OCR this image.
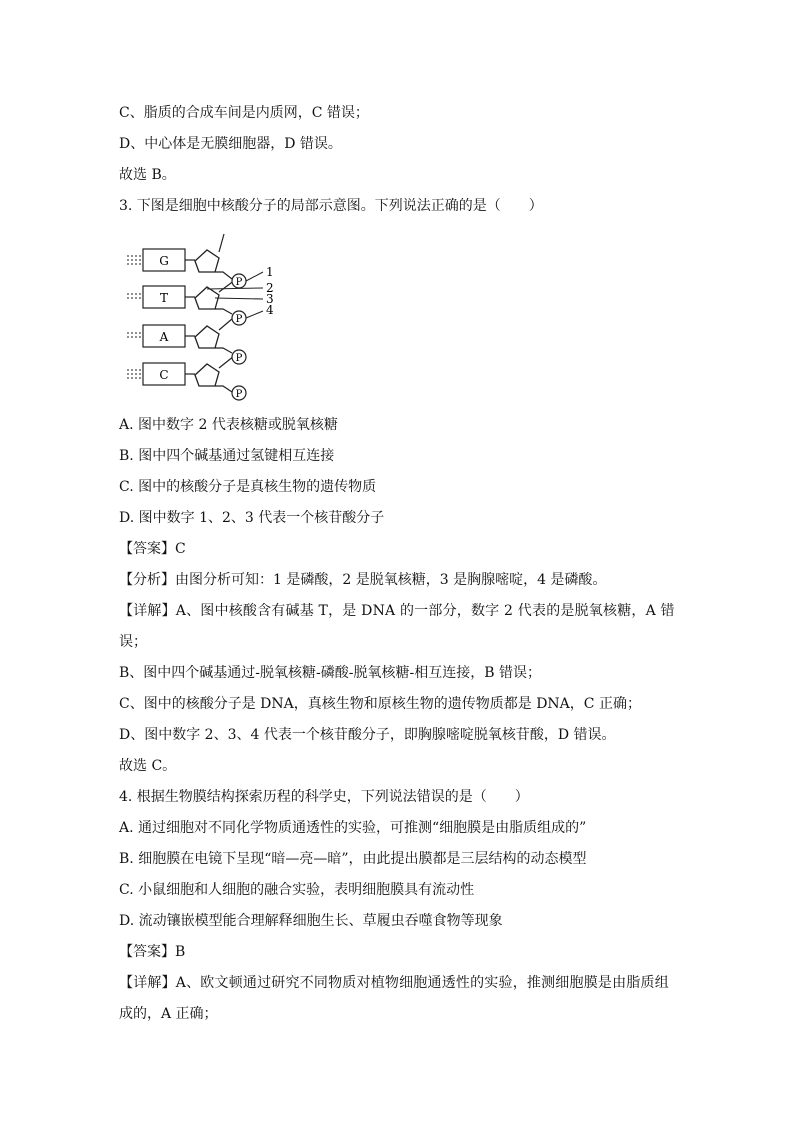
C、脂质的合成车间是内质网，C 错误；
D、中心体是无膜细胞器，D 错误。
故选 B。
3. 下图是细胞中核酸分子的局部示意图。下列说法正确的是（　　）
G
T
A
C
P
P
P
P
1
2
3
4
A. 图中数字 2 代表核糖或脱氧核糖
B. 图中四个碱基通过氢键相互连接
C. 图中的核酸分子是真核生物的遗传物质
D. 图中数字 1、2、3 代表一个核苷酸分子
【答案】C
【分析】由图分析可知：1 是磷酸，2 是脱氧核糖，3 是胸腺嘧啶，4 是磷酸。
【详解】A、图中核酸含有碱基 T，是 DNA 的一部分，数字 2 代表的是脱氧核糖，A 错
误；
B、图中四个碱基通过-脱氧核糖-磷酸-脱氧核糖-相互连接，B 错误；
C、图中的核酸分子是 DNA，真核生物和原核生物的遗传物质都是 DNA，C 正确；
D、图中数字 2、3、4 代表一个核苷酸分子，即胸腺嘧啶脱氧核苷酸，D 错误。
故选 C。
4. 根据生物膜结构探索历程的科学史，下列说法错误的是（　　）
A. 通过细胞对不同化学物质通透性的实验，可推测“细胞膜是由脂质组成的”
B. 细胞膜在电镜下呈现“暗—亮—暗”，由此提出膜都是三层结构的动态模型
C. 小鼠细胞和人细胞的融合实验，表明细胞膜具有流动性
D. 流动镶嵌模型能合理解释细胞生长、草履虫吞噬食物等现象
【答案】B
【详解】A、欧文顿通过研究不同物质对植物细胞通透性的实验，推测细胞膜是由脂质组
成的，A 正确；
